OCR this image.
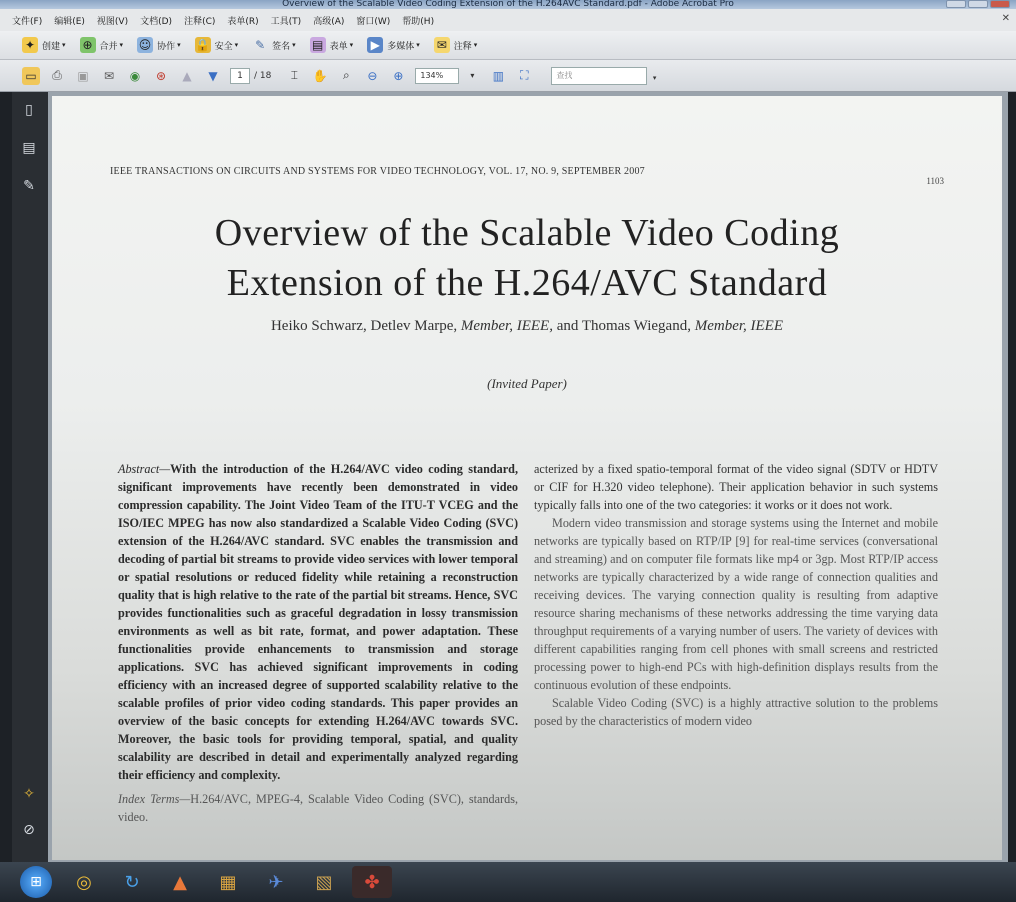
Overview of the Scalable Video Coding Extension of the H.264AVC Standard.pdf - Adobe Acrobat Pro
文件(F) 编辑(E) 视图(V) 文档(D) 注释(C) 表单(R) 工具(T) 高级(A) 窗口(W) 帮助(H)	✕
✦ 创建 ▾ ⊕ 合并 ▾ ☺ 协作 ▾ 🔒 安全 ▾ ✎ 签名 ▾ ▤ 表单 ▾ ▶ 多媒体 ▾ ✉ 注释 ▾
▭	⎙	▣	✉	◉	⊛	▲	▼	1	/ 18	⌶	✋	⌕	⊖	⊕	134%	▾	▥	⛶	查找	▾
▯
▤
✎
✧
⊘
IEEE TRANSACTIONS ON CIRCUITS AND SYSTEMS FOR VIDEO TECHNOLOGY, VOL. 17, NO. 9, SEPTEMBER 2007
1103
Overview of the Scalable Video Coding
Extension of the H.264/AVC Standard
Heiko Schwarz, Detlev Marpe, Member, IEEE, and Thomas Wiegand, Member, IEEE
(Invited Paper)
Abstract—With the introduction of the H.264/AVC video coding standard, significant improvements have recently been demonstrated in video compression capability. The Joint Video Team of the ITU-T VCEG and the ISO/IEC MPEG has now also standardized a Scalable Video Coding (SVC) extension of the H.264/AVC standard. SVC enables the transmission and decoding of partial bit streams to provide video services with lower temporal or spatial resolutions or reduced fidelity while retaining a reconstruction quality that is high relative to the rate of the partial bit streams. Hence, SVC provides functionalities such as graceful degradation in lossy transmission environments as well as bit rate, format, and power adaptation. These functionalities provide enhancements to transmission and storage applications. SVC has achieved significant improvements in coding efficiency with an increased degree of supported scalability relative to the scalable profiles of prior video coding standards. This paper provides an overview of the basic concepts for extending H.264/AVC towards SVC. Moreover, the basic tools for providing temporal, spatial, and quality scalability are described in detail and experimentally analyzed regarding their efficiency and complexity.
Index Terms—H.264/AVC, MPEG-4, Scalable Video Coding (SVC), standards, video.

acterized by a fixed spatio-temporal format of the video signal (SDTV or HDTV or CIF for H.320 video telephone). Their application behavior in such systems typically falls into one of the two categories: it works or it does not work.

Modern video transmission and storage systems using the Internet and mobile networks are typically based on RTP/IP [9] for real-time services (conversational and streaming) and on computer file formats like mp4 or 3gp. Most RTP/IP access networks are typically characterized by a wide range of connection qualities and receiving devices. The varying connection quality is resulting from adaptive resource sharing mechanisms of these networks addressing the time varying data throughput requirements of a varying number of users. The variety of devices with different capabilities ranging from cell phones with small screens and restricted processing power to high-end PCs with high-definition displays results from the continuous evolution of these endpoints.

Scalable Video Coding (SVC) is a highly attractive solution to the problems posed by the characteristics of modern video

⊞	◎	↻	▲	▦	✈	▧	✤
